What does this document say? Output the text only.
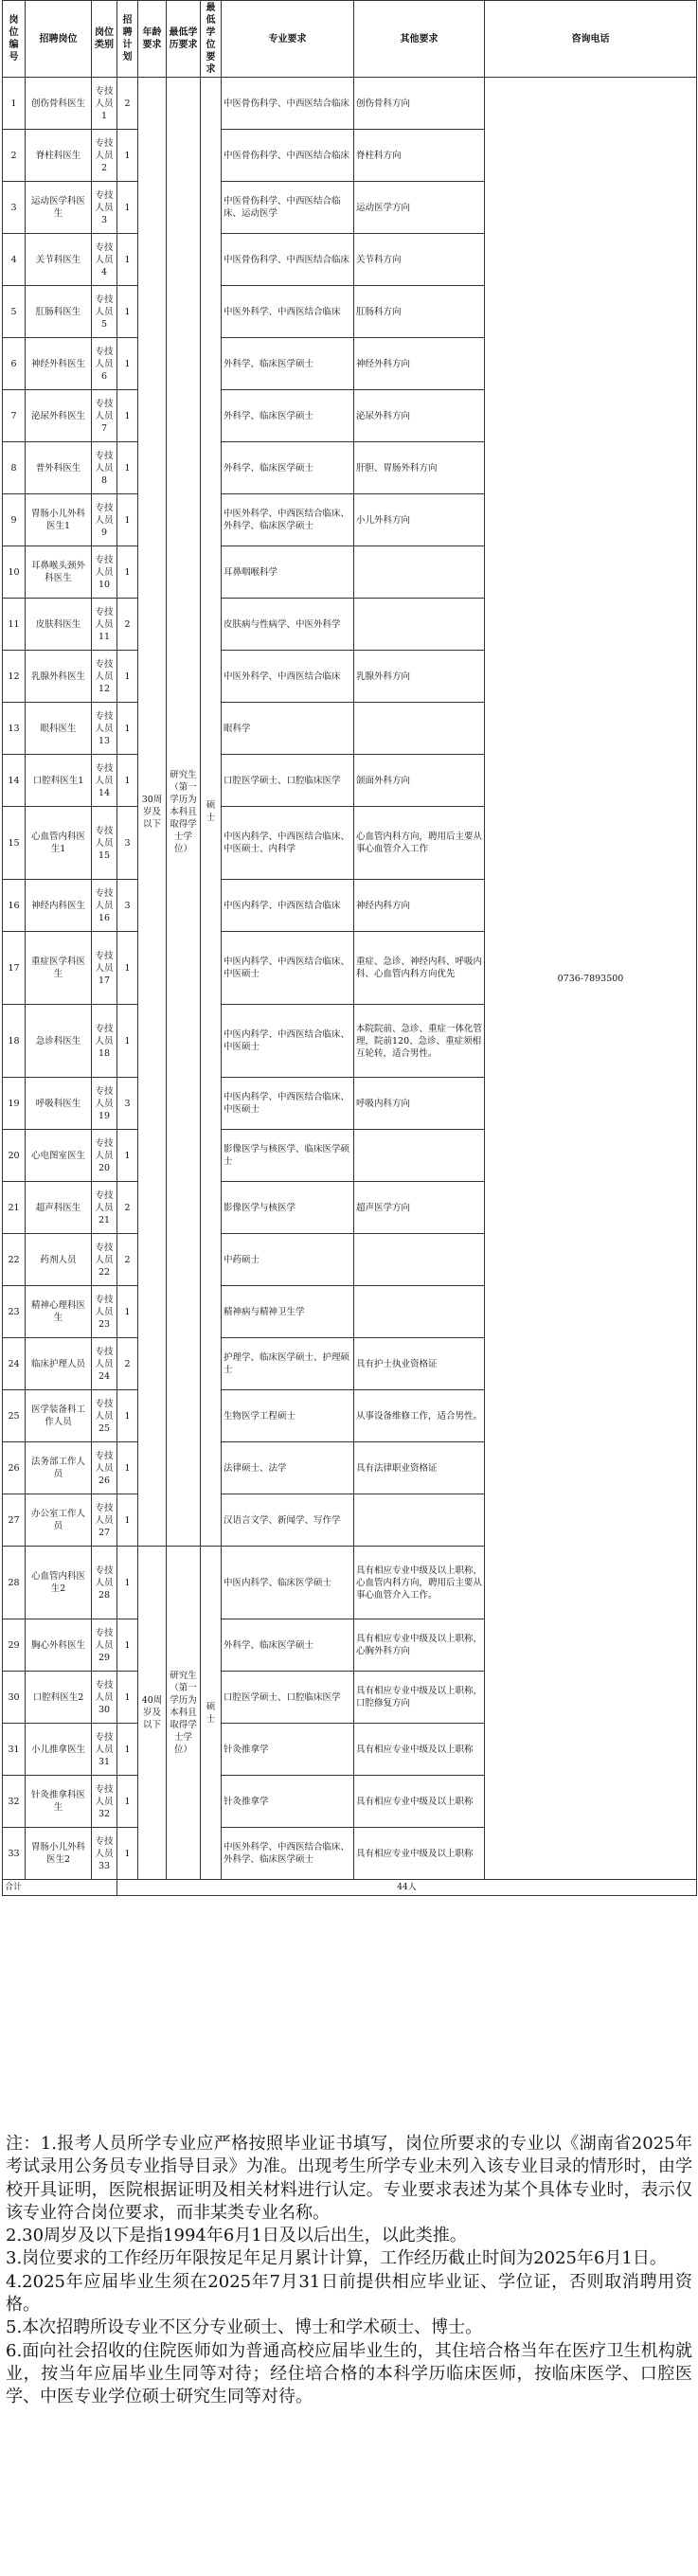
岗位编号	招聘岗位	岗位类别	招聘计划	年龄要求	最低学历要求	最低学位要求	专业要求	其他要求	咨询电话
1	创伤骨科医生	专技人员1	2	30周岁及以下	研究生（第一学历为本科且取得学士学位）	硕士	中医骨伤科学、中西医结合临床	创伤骨科方向	0736-7893500
2	脊柱科医生	专技人员2	1				中医骨伤科学、中西医结合临床	脊柱科方向	
3	运动医学科医生	专技人员3	1				中医骨伤科学、中西医结合临床、运动医学	运动医学方向	
4	关节科医生	专技人员4	1				中医骨伤科学、中西医结合临床	关节科方向	
5	肛肠科医生	专技人员5	1				中医外科学、中西医结合临床	肛肠科方向	
6	神经外科医生	专技人员6	1				外科学、临床医学硕士	神经外科方向	
7	泌尿外科医生	专技人员7	1				外科学、临床医学硕士	泌尿外科方向	
8	普外科医生	专技人员8	1				外科学、临床医学硕士	肝胆、胃肠外科方向	
9	胃肠小儿外科医生1	专技人员9	1				中医外科学、中西医结合临床、外科学、临床医学硕士	小儿外科方向	
10	耳鼻喉头颈外科医生	专技人员10	1				耳鼻咽喉科学		
11	皮肤科医生	专技人员11	2				皮肤病与性病学、中医外科学		
12	乳腺外科医生	专技人员12	1				中医外科学、中西医结合临床	乳腺外科方向	
13	眼科医生	专技人员13	1				眼科学		
14	口腔科医生1	专技人员14	1				口腔医学硕士、口腔临床医学	颌面外科方向	
15	心血管内科医生1	专技人员15	3				中医内科学、中西医结合临床、中医硕士、内科学	心血管内科方向，聘用后主要从事心血管介入工作	
16	神经内科医生	专技人员16	3				中医内科学、中西医结合临床	神经内科方向	
17	重症医学科医生	专技人员17	1				中医内科学、中西医结合临床、中医硕士	重症、急诊、神经内科、呼吸内科、心血管内科方向优先	
18	急诊科医生	专技人员18	1				中医内科学、中西医结合临床、中医硕士	本院院前、急诊、重症一体化管理，院前120、急诊、重症须相互轮转，适合男性。	
19	呼吸科医生	专技人员19	3				中医内科学、中西医结合临床、中医硕士	呼吸内科方向	
20	心电图室医生	专技人员20	1				影像医学与核医学、临床医学硕士		
21	超声科医生	专技人员21	2				影像医学与核医学	超声医学方向	
22	药剂人员	专技人员22	2				中药硕士		
23	精神心理科医生	专技人员23	1				精神病与精神卫生学		
24	临床护理人员	专技人员24	2				护理学、临床医学硕士、护理硕士	具有护士执业资格证	
25	医学装备科工作人员	专技人员25	1				生物医学工程硕士	从事设备维修工作，适合男性。	
26	法务部工作人员	专技人员26	1				法律硕士、法学	具有法律职业资格证	
27	办公室工作人员	专技人员27	1				汉语言文学、新闻学、写作学		
28	心血管内科医生2	专技人员28	1	40周岁及以下	研究生（第一学历为本科且取得学士学位）	硕士	中医内科学、临床医学硕士	具有相应专业中级及以上职称，心血管内科方向，聘用后主要从事心血管介入工作。	
29	胸心外科医生	专技人员29	1				外科学、临床医学硕士	具有相应专业中级及以上职称，心胸外科方向	
30	口腔科医生2	专技人员30	1				口腔医学硕士、口腔临床医学	具有相应专业中级及以上职称，口腔修复方向	
31	小儿推拿医生	专技人员31	1				针灸推拿学	具有相应专业中级及以上职称	
32	针灸推拿科医生	专技人员32	1				针灸推拿学	具有相应专业中级及以上职称	
33	胃肠小儿外科医生2	专技人员33	1				中医外科学、中西医结合临床、外科学、临床医学硕士	具有相应专业中级及以上职称	
合计			44人						

注：1.报考人员所学专业应严格按照毕业证书填写，岗位所要求的专业以《湖南省2025年考试录用公务员专业指导目录》为准。出现考生所学专业未列入该专业目录的情形时，由学校开具证明，医院根据证明及相关材料进行认定。专业要求表述为某个具体专业时，表示仅该专业符合岗位要求，而非某类专业名称。

2.30周岁及以下是指1994年6月1日及以后出生，以此类推。

3.岗位要求的工作经历年限按足年足月累计计算，工作经历截止时间为2025年6月1日。

4.2025年应届毕业生须在2025年7月31日前提供相应毕业证、学位证，否则取消聘用资格。

5.本次招聘所设专业不区分专业硕士、博士和学术硕士、博士。

6.面向社会招收的住院医师如为普通高校应届毕业生的，其住培合格当年在医疗卫生机构就业，按当年应届毕业生同等对待；经住培合格的本科学历临床医师，按临床医学、口腔医学、中医专业学位硕士研究生同等对待。
